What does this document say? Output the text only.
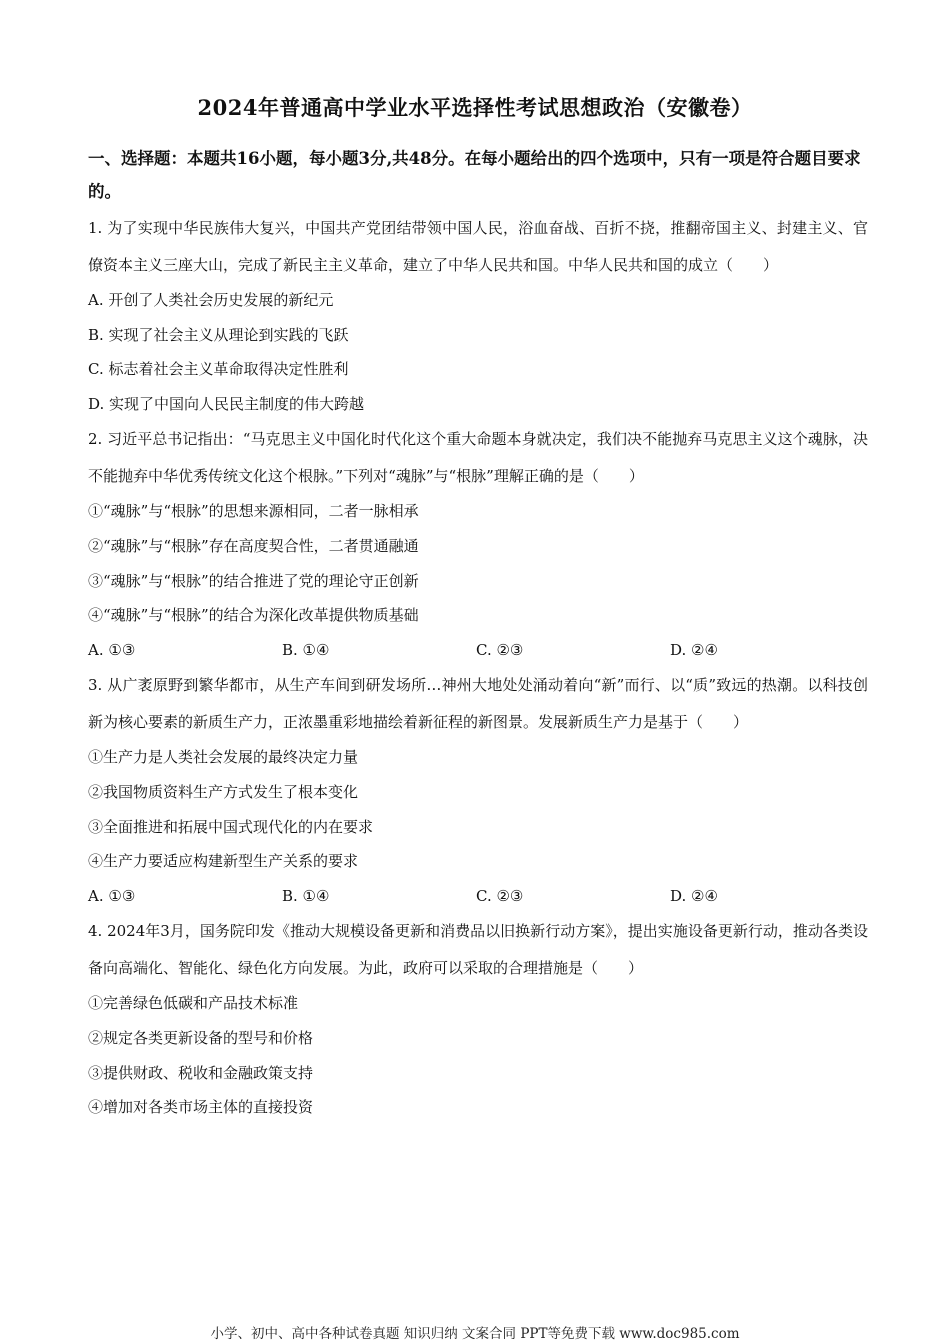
2024年普通高中学业水平选择性考试思想政治（安徽卷）
一、选择题：本题共16小题，每小题3分,共48分。在每小题给出的四个选项中，只有一项是符合题目要求的。
1. 为了实现中华民族伟大复兴，中国共产党团结带领中国人民，浴血奋战、百折不挠，推翻帝国主义、封建主义、官僚资本主义三座大山，完成了新民主主义革命，建立了中华人民共和国。中华人民共和国的成立（　　）
A. 开创了人类社会历史发展的新纪元
B. 实现了社会主义从理论到实践的飞跃
C. 标志着社会主义革命取得决定性胜利
D. 实现了中国向人民民主制度的伟大跨越
2. 习近平总书记指出：“马克思主义中国化时代化这个重大命题本身就决定，我们决不能抛弃马克思主义这个魂脉，决不能抛弃中华优秀传统文化这个根脉。”下列对“魂脉”与“根脉”理解正确的是（　　）
①“魂脉”与“根脉”的思想来源相同，二者一脉相承
②“魂脉”与“根脉”存在高度契合性，二者贯通融通
③“魂脉”与“根脉”的结合推进了党的理论守正创新
④“魂脉”与“根脉”的结合为深化改革提供物质基础
A. ①③	B. ①④	C. ②③	D. ②④
3. 从广袤原野到繁华都市，从生产车间到研发场所…神州大地处处涌动着向“新”而行、以“质”致远的热潮。以科技创新为核心要素的新质生产力，正浓墨重彩地描绘着新征程的新图景。发展新质生产力是基于（　　）
①生产力是人类社会发展的最终决定力量
②我国物质资料生产方式发生了根本变化
③全面推进和拓展中国式现代化的内在要求
④生产力要适应构建新型生产关系的要求
A. ①③	B. ①④	C. ②③	D. ②④
4. 2024年3月，国务院印发《推动大规模设备更新和消费品以旧换新行动方案》，提出实施设备更新行动，推动各类设备向高端化、智能化、绿色化方向发展。为此，政府可以采取的合理措施是（　　）
①完善绿色低碳和产品技术标准
②规定各类更新设备的型号和价格
③提供财政、税收和金融政策支持
④增加对各类市场主体的直接投资
小学、初中、高中各种试卷真题 知识归纳 文案合同 PPT等免费下载 www.doc985.com
